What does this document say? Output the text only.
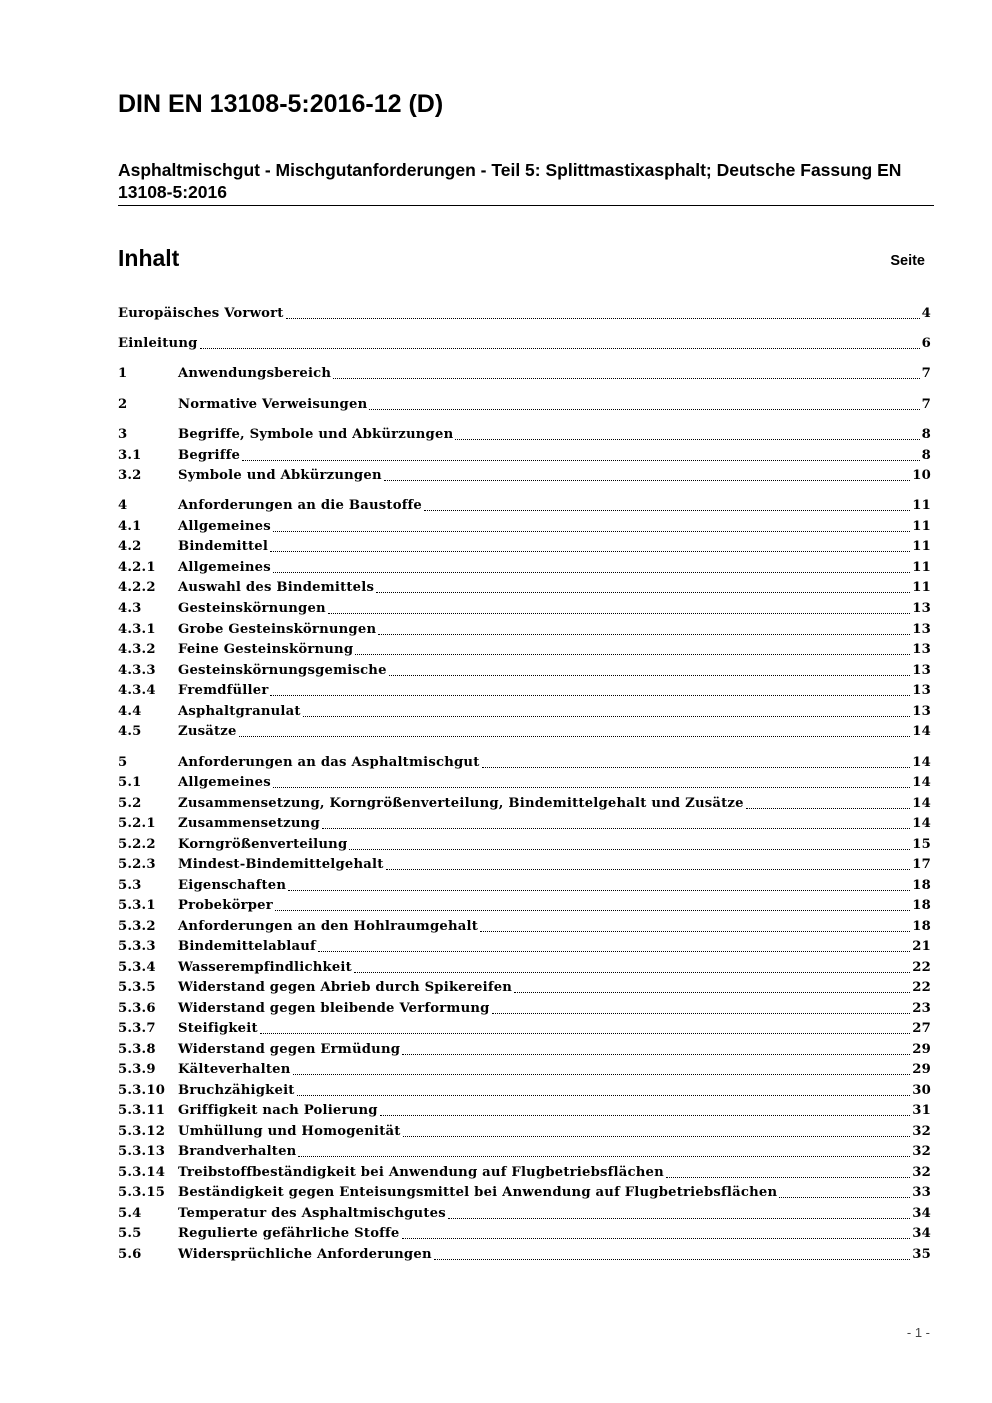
DIN EN 13108-5:2016-12 (D)

Asphaltmischgut - Mischgutanforderungen - Teil 5: Splittmastixasphalt; Deutsche Fassung EN 13108-5:2016

Inhalt	Seite
Europäisches Vorwort	4
Einleitung	6
1	Anwendungsbereich	7
2	Normative Verweisungen	7
3	Begriffe, Symbole und Abkürzungen	8
3.1	Begriffe	8
3.2	Symbole und Abkürzungen	10
4	Anforderungen an die Baustoffe	11
4.1	Allgemeines	11
4.2	Bindemittel	11
4.2.1	Allgemeines	11
4.2.2	Auswahl des Bindemittels	11
4.3	Gesteinskörnungen	13
4.3.1	Grobe Gesteinskörnungen	13
4.3.2	Feine Gesteinskörnung	13
4.3.3	Gesteinskörnungsgemische	13
4.3.4	Fremdfüller	13
4.4	Asphaltgranulat	13
4.5	Zusätze	14
5	Anforderungen an das Asphaltmischgut	14
5.1	Allgemeines	14
5.2	Zusammensetzung, Korngrößenverteilung, Bindemittelgehalt und Zusätze	14
5.2.1	Zusammensetzung	14
5.2.2	Korngrößenverteilung	15
5.2.3	Mindest-Bindemittelgehalt	17
5.3	Eigenschaften	18
5.3.1	Probekörper	18
5.3.2	Anforderungen an den Hohlraumgehalt	18
5.3.3	Bindemittelablauf	21
5.3.4	Wasserempfindlichkeit	22
5.3.5	Widerstand gegen Abrieb durch Spikereifen	22
5.3.6	Widerstand gegen bleibende Verformung	23
5.3.7	Steifigkeit	27
5.3.8	Widerstand gegen Ermüdung	29
5.3.9	Kälteverhalten	29
5.3.10 Bruchzähigkeit	30
5.3.11 Griffigkeit nach Polierung	31
5.3.12 Umhüllung und Homogenität	32
5.3.13 Brandverhalten	32
5.3.14 Treibstoffbeständigkeit bei Anwendung auf Flugbetriebsflächen	32
5.3.15 Beständigkeit gegen Enteisungsmittel bei Anwendung auf Flugbetriebsflächen	33
5.4	Temperatur des Asphaltmischgutes	34
5.5	Regulierte gefährliche Stoffe	34
5.6	Widersprüchliche Anforderungen	35
- 1 -
